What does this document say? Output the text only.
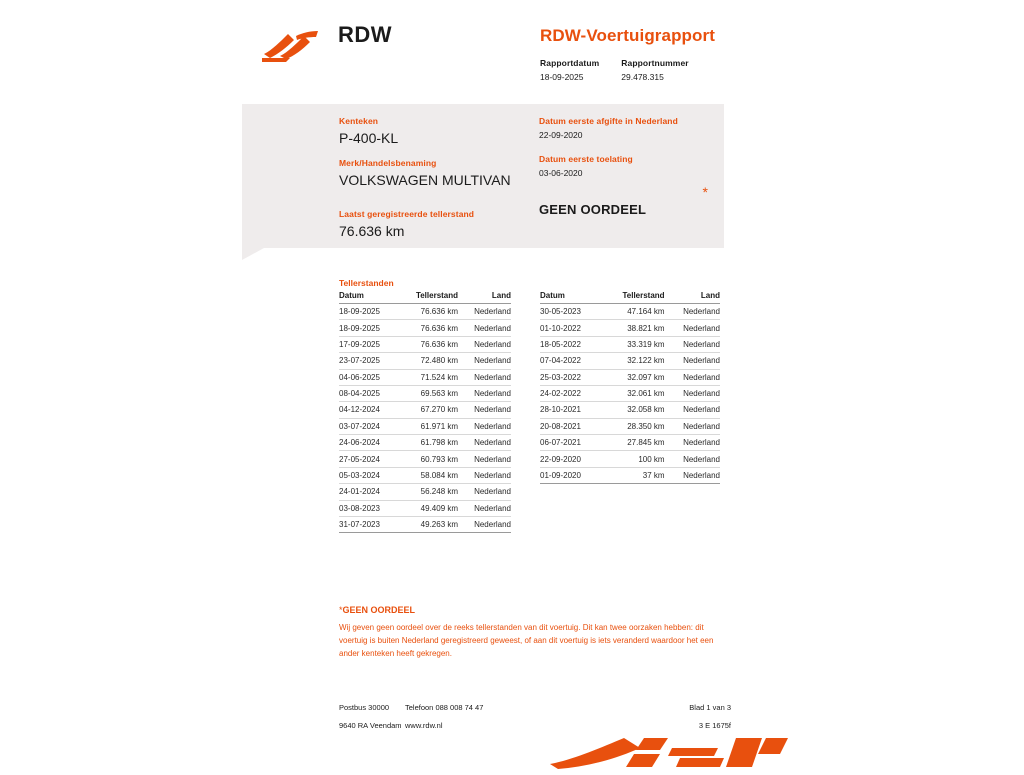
RDW	RDW-Voertuigrapport
Rapportdatum
18-09-2025
Rapportnummer
29.478.315
Kenteken
P-400-KL
Merk/Handelsbenaming
VOLKSWAGEN MULTIVAN
Laatst geregistreerde tellerstand
76.636 km
Datum eerste afgifte in Nederland
22-09-2020
Datum eerste toelating
03-06-2020
GEEN OORDEEL
*
Tellerstanden
Datum	Tellerstand	Land
18-09-2025	76.636 km	Nederland
18-09-2025	76.636 km	Nederland
17-09-2025	76.636 km	Nederland
23-07-2025	72.480 km	Nederland
04-06-2025	71.524 km	Nederland
08-04-2025	69.563 km	Nederland
04-12-2024	67.270 km	Nederland
03-07-2024	61.971 km	Nederland
24-06-2024	61.798 km	Nederland
27-05-2024	60.793 km	Nederland
05-03-2024	58.084 km	Nederland
24-01-2024	56.248 km	Nederland
03-08-2023	49.409 km	Nederland
31-07-2023	49.263 km	Nederland
Datum	Tellerstand	Land
30-05-2023	47.164 km	Nederland
01-10-2022	38.821 km	Nederland
18-05-2022	33.319 km	Nederland
07-04-2022	32.122 km	Nederland
25-03-2022	32.097 km	Nederland
24-02-2022	32.061 km	Nederland
28-10-2021	32.058 km	Nederland
20-08-2021	28.350 km	Nederland
06-07-2021	27.845 km	Nederland
22-09-2020	100 km	Nederland
01-09-2020	37 km	Nederland
*GEEN OORDEEL
Wij geven geen oordeel over de reeks tellerstanden van dit voertuig. Dit kan twee oorzaken hebben: dit voertuig is buiten Nederland geregistreerd geweest, of aan dit voertuig is iets veranderd waardoor het een ander kenteken heeft gekregen.
Postbus 30000	Telefoon 088 008 74 47	Blad 1 van 3
9640 RA Veendam www.rdw.nl	3 E 1675f
